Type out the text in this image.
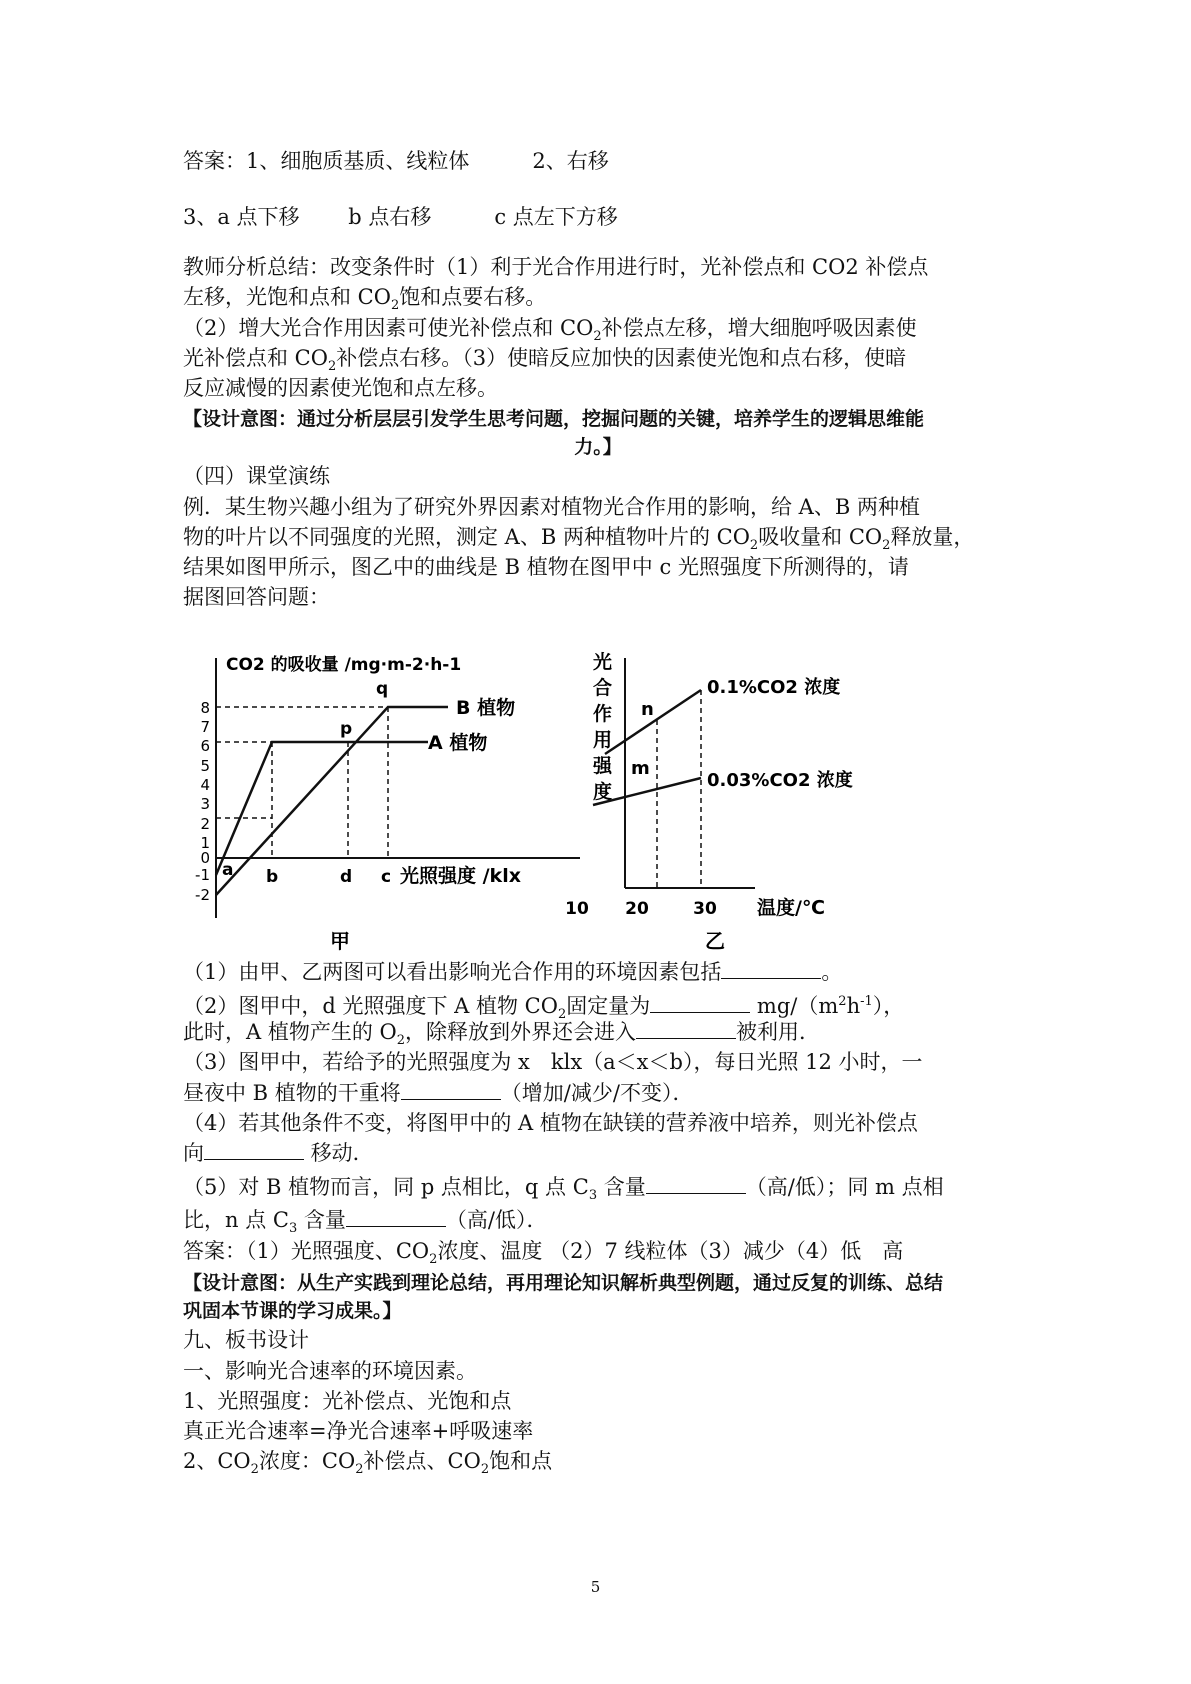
答案：1、细胞质基质、线粒体　　　2、右移
3、a 点下移　　 b 点右移　　　c 点左下方移
教师分析总结：改变条件时（1）利于光合作用进行时，光补偿点和 CO2 补偿点
左移，光饱和点和 $CO_2$饱和点要右移。
（2）增大光合作用因素可使光补偿点和 $CO_2$补偿点左移，增大细胞呼吸因素使
光补偿点和 $CO_2$补偿点右移。（3）使暗反应加快的因素使光饱和点右移，使暗
反应减慢的因素使光饱和点左移。
【设计意图：通过分析层层引发学生思考问题，挖掘问题的关键，培养学生的逻辑思维能
力。】
（四）课堂演练
例．某生物兴趣小组为了研究外界因素对植物光合作用的影响，给 A、B 两种植
物的叶片以不同强度的光照，测定 A、B 两种植物叶片的 $CO_2$吸收量和 $CO_2$释放量，
结果如图甲所示，图乙中的曲线是 B 植物在图甲中 c 光照强度下所测得的，请
据图回答问题：
CO2 的吸收量 /mg·m-2·h-1
8
7
6
5
4
3
2
1
0
-1
-2
A 植物
B 植物
a b	d c
p
q
光照强度 /klx
甲
光合作用强度
0.1%CO2 浓度
0.03%CO2 浓度
n
m
10 20	30 温度/℃
乙
（1）由甲、乙两图可以看出影响光合作用的环境因素包括	。
（2）图甲中，d 光照强度下 A 植物 $CO_2$固定量为	$mg/(m^2h^{-1})$，
此时，A 植物产生的 $O_2$，除释放到外界还会进入	被利用．
（3）图甲中，若给予的光照强度为 x　klx（a＜x＜b），每日光照 12 小时，一
昼夜中 B 植物的干重将	（增加/减少/不变）．
（4）若其他条件不变，将图甲中的 A 植物在缺镁的营养液中培养，则光补偿点
向	移动．
（5）对 B 植物而言，同 p 点相比，q 点 $C_3$ 含量	（高/低）；同 m 点相
比，n 点 $C_3$ 含量	（高/低）．
答案：（1）光照强度、$CO_2$浓度、温度 （2）7 线粒体（3）减少（4）低　高
【设计意图：从生产实践到理论总结，再用理论知识解析典型例题，通过反复的训练、总结
巩固本节课的学习成果。】
九、板书设计
一、影响光合速率的环境因素。
1、光照强度：光补偿点、光饱和点
真正光合速率=净光合速率+呼吸速率
2、$CO_2$浓度：$CO_2$补偿点、$CO_2$饱和点
5
